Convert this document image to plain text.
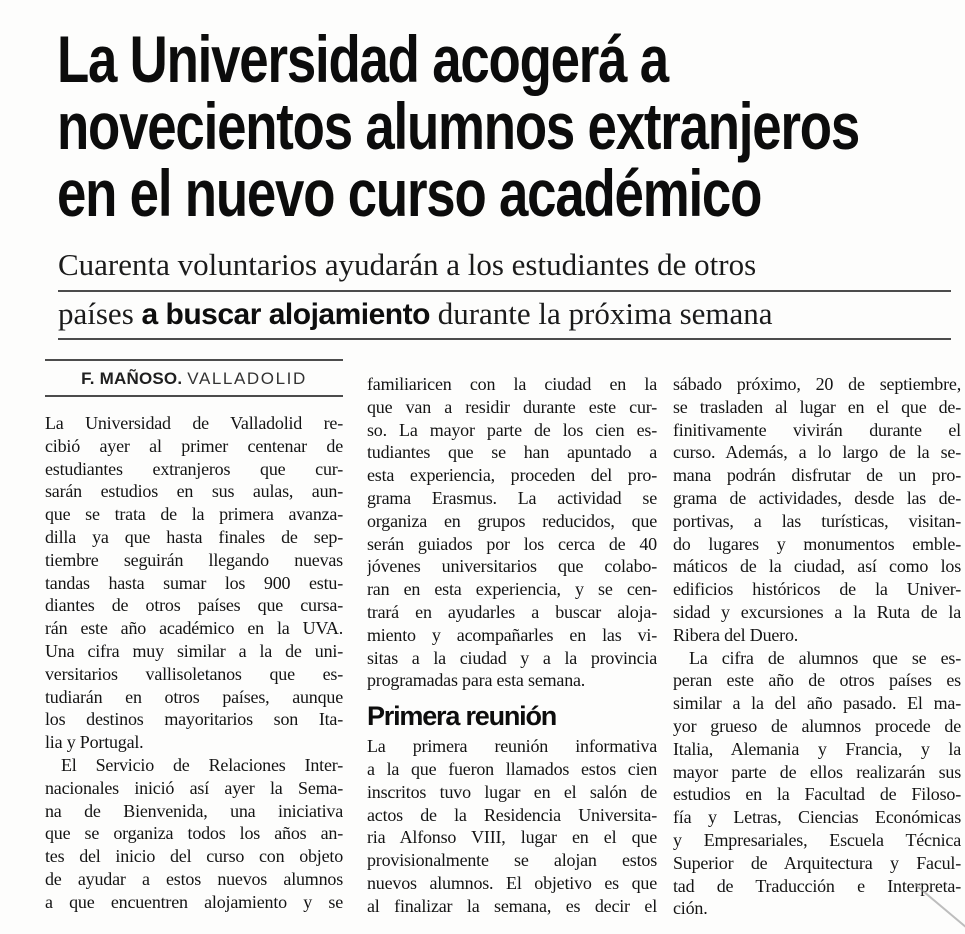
La Universidad acogerá a
novecientos alumnos extranjeros
en el nuevo curso académico
Cuarenta voluntarios ayudarán a los estudiantes de otros
países a buscar alojamiento durante la próxima semana
F. MAÑOSO. VALLADOLID
La Universidad de Valladolid re-
cibió ayer al primer centenar de
estudiantes extranjeros que cur-
sarán estudios en sus aulas, aun-
que se trata de la primera avanza-
dilla ya que hasta finales de sep-
tiembre seguirán llegando nuevas
tandas hasta sumar los 900 estu-
diantes de otros países que cursa-
rán este año académico en la UVA.
Una cifra muy similar a la de uni-
versitarios vallisoletanos que es-
tudiarán en otros países, aunque
los destinos mayoritarios son Ita-
lia y Portugal.
El Servicio de Relaciones Inter-
nacionales inició así ayer la Sema-
na de Bienvenida, una iniciativa
que se organiza todos los años an-
tes del inicio del curso con objeto
de ayudar a estos nuevos alumnos
a que encuentren alojamiento y se
familiaricen con la ciudad en la
que van a residir durante este cur-
so. La mayor parte de los cien es-
tudiantes que se han apuntado a
esta experiencia, proceden del pro-
grama Erasmus. La actividad se
organiza en grupos reducidos, que
serán guiados por los cerca de 40
jóvenes universitarios que colabo-
ran en esta experiencia, y se cen-
trará en ayudarles a buscar aloja-
miento y acompañarles en las vi-
sitas a la ciudad y a la provincia
programadas para esta semana.
Primera reunión
La primera reunión informativa
a la que fueron llamados estos cien
inscritos tuvo lugar en el salón de
actos de la Residencia Universita-
ria Alfonso VIII, lugar en el que
provisionalmente se alojan estos
nuevos alumnos. El objetivo es que
al finalizar la semana, es decir el
sábado próximo, 20 de septiembre,
se trasladen al lugar en el que de-
finitivamente vivirán durante el
curso. Además, a lo largo de la se-
mana podrán disfrutar de un pro-
grama de actividades, desde las de-
portivas, a las turísticas, visitan-
do lugares y monumentos emble-
máticos de la ciudad, así como los
edificios históricos de la Univer-
sidad y excursiones a la Ruta de la
Ribera del Duero.
La cifra de alumnos que se es-
peran este año de otros países es
similar a la del año pasado. El ma-
yor grueso de alumnos procede de
Italia, Alemania y Francia, y la
mayor parte de ellos realizarán sus
estudios en la Facultad de Filoso-
fía y Letras, Ciencias Económicas
y Empresariales, Escuela Técnica
Superior de Arquitectura y Facul-
tad de Traducción e Interpreta-
ción.
